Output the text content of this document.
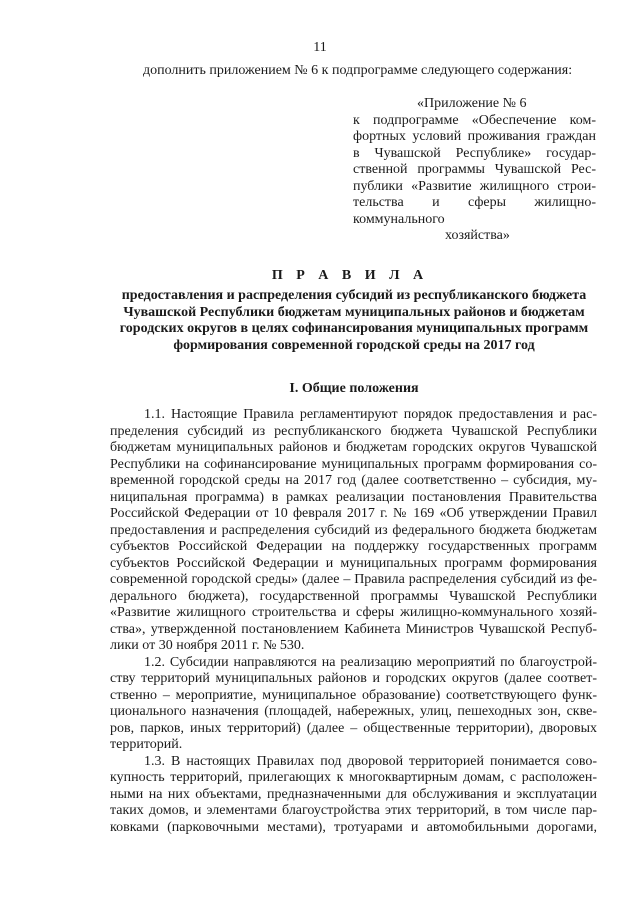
11
дополнить приложением № 6 к подпрограмме следующего содержания:
«Приложение № 6
к подпрограмме «Обеспечение ком-
фортных условий проживания граждан
в Чувашской Республике» государ-
ственной программы Чувашской Рес-
публики «Развитие жилищного строи-
тельства и сферы жилищно-
коммунального
хозяйства»
П Р А В И Л А
предоставления и распределения субсидий из республиканского бюджета
Чувашской Республики бюджетам муниципальных районов и бюджетам
городских округов в целях софинансирования муниципальных программ
формирования современной городской среды на 2017 год
I. Общие положения
1.1. Настоящие Правила регламентируют порядок предоставления и рас-
пределения субсидий из республиканского бюджета Чувашской Республики
бюджетам муниципальных районов и бюджетам городских округов Чувашской
Республики на софинансирование муниципальных программ формирования со-
временной городской среды на 2017 год (далее соответственно – субсидия, му-
ниципальная программа) в рамках реализации постановления Правительства
Российской Федерации от 10 февраля 2017 г. № 169 «Об утверждении Правил
предоставления и распределения субсидий из федерального бюджета бюджетам
субъектов Российской Федерации на поддержку государственных программ
субъектов Российской Федерации и муниципальных программ формирования
современной городской среды» (далее – Правила распределения субсидий из фе-
дерального бюджета), государственной программы Чувашской Республики
«Развитие жилищного строительства и сферы жилищно-коммунального хозяй-
ства», утвержденной постановлением Кабинета Министров Чувашской Респуб-
лики от 30 ноября 2011 г. № 530.
1.2. Субсидии направляются на реализацию мероприятий по благоустрой-
ству территорий муниципальных районов и городских округов (далее соответ-
ственно – мероприятие, муниципальное образование) соответствующего функ-
ционального назначения (площадей, набережных, улиц, пешеходных зон, скве-
ров, парков, иных территорий) (далее – общественные территории), дворовых
территорий.
1.3. В настоящих Правилах под дворовой территорией понимается сово-
купность территорий, прилегающих к многоквартирным домам, с расположен-
ными на них объектами, предназначенными для обслуживания и эксплуатации
таких домов, и элементами благоустройства этих территорий, в том числе пар-
ковками (парковочными местами), тротуарами и автомобильными дорогами,
